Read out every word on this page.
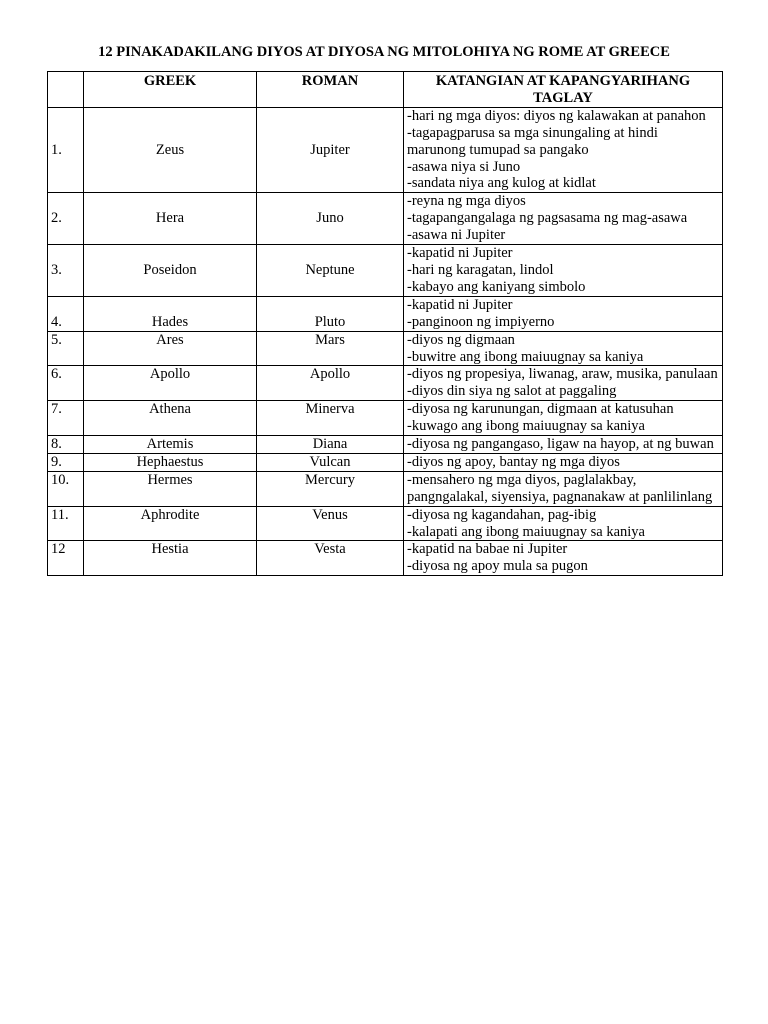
12 PINAKADAKILANG DIYOS AT DIYOSA NG MITOLOHIYA NG ROME AT GREECE
	GREEK	ROMAN	KATANGIAN AT KAPANGYARIHANG TAGLAY
1.	Zeus	Jupiter	-hari ng mga diyos: diyos ng kalawakan at panahon
-tagapagparusa sa mga sinungaling at hindi marunong tumupad sa pangako
-asawa niya si Juno
-sandata niya ang kulog at kidlat

2.	Hera	Juno	-reyna ng mga diyos
-tagapangangalaga ng pagsasama ng mag-asawa
-asawa ni Jupiter

3.	Poseidon	Neptune	-kapatid ni Jupiter
-hari ng karagatan, lindol
-kabayo ang kaniyang simbolo

4.	Hades	Pluto	-kapatid ni Jupiter
-panginoon ng impiyerno

5.	Ares	Mars	-diyos ng digmaan
-buwitre ang ibong maiuugnay sa kaniya

6.	Apollo	Apollo	-diyos ng propesiya, liwanag, araw, musika, panulaan
-diyos din siya ng salot at paggaling

7.	Athena	Minerva	-diyosa ng karunungan, digmaan at katusuhan
-kuwago ang ibong maiuugnay sa kaniya

8.	Artemis	Diana	-diyosa ng pangangaso, ligaw na hayop, at ng buwan

9.	Hephaestus	Vulcan	-diyos ng apoy, bantay ng mga diyos

10.	Hermes	Mercury	-mensahero ng mga diyos, paglalakbay, pangngalakal, siyensiya, pagnanakaw at panlilinlang

11.	Aphrodite	Venus	-diyosa ng kagandahan, pag-ibig
-kalapati ang ibong maiuugnay sa kaniya

12	Hestia	Vesta	-kapatid na babae ni Jupiter
-diyosa ng apoy mula sa pugon
